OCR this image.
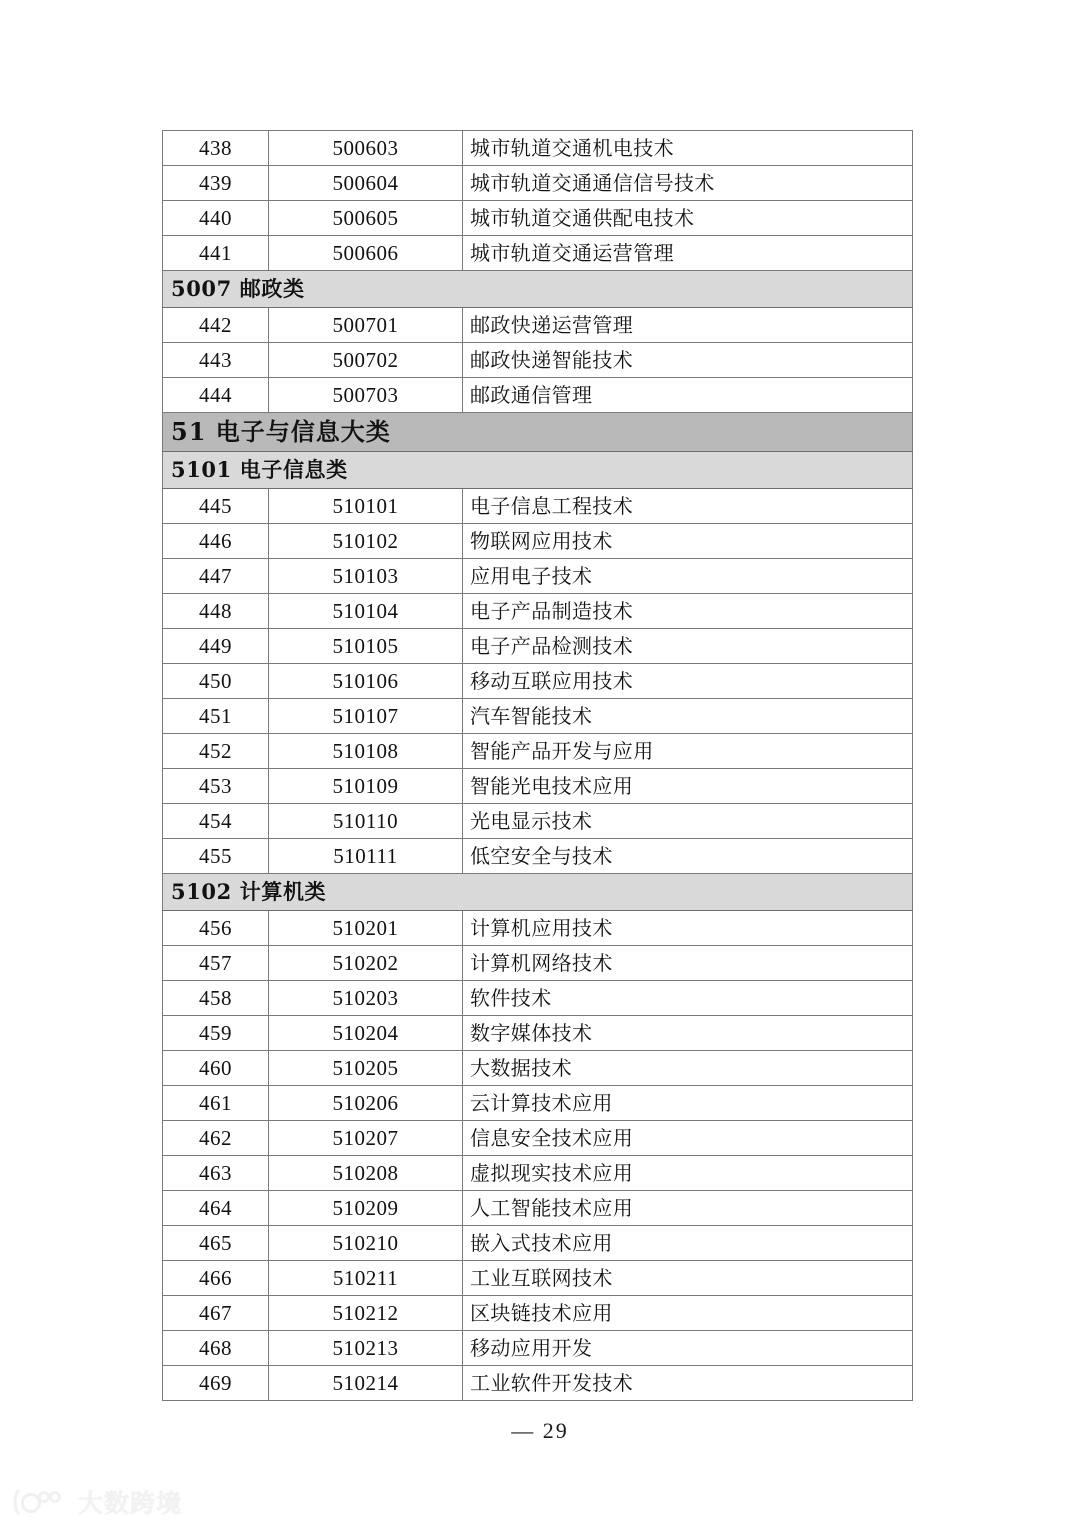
438	500603	城市轨道交通机电技术
439	500604	城市轨道交通通信信号技术
440	500605	城市轨道交通供配电技术
441	500606	城市轨道交通运营管理
5007 邮政类		
442	500701	邮政快递运营管理
443	500702	邮政快递智能技术
444	500703	邮政通信管理
51 电子与信息大类		
5101 电子信息类		
445	510101	电子信息工程技术
446	510102	物联网应用技术
447	510103	应用电子技术
448	510104	电子产品制造技术
449	510105	电子产品检测技术
450	510106	移动互联应用技术
451	510107	汽车智能技术
452	510108	智能产品开发与应用
453	510109	智能光电技术应用
454	510110	光电显示技术
455	510111	低空安全与技术
5102 计算机类		
456	510201	计算机应用技术
457	510202	计算机网络技术
458	510203	软件技术
459	510204	数字媒体技术
460	510205	大数据技术
461	510206	云计算技术应用
462	510207	信息安全技术应用
463	510208	虚拟现实技术应用
464	510209	人工智能技术应用
465	510210	嵌入式技术应用
466	510211	工业互联网技术
467	510212	区块链技术应用
468	510213	移动应用开发
469	510214	工业软件开发技术
— 29
大数跨境
